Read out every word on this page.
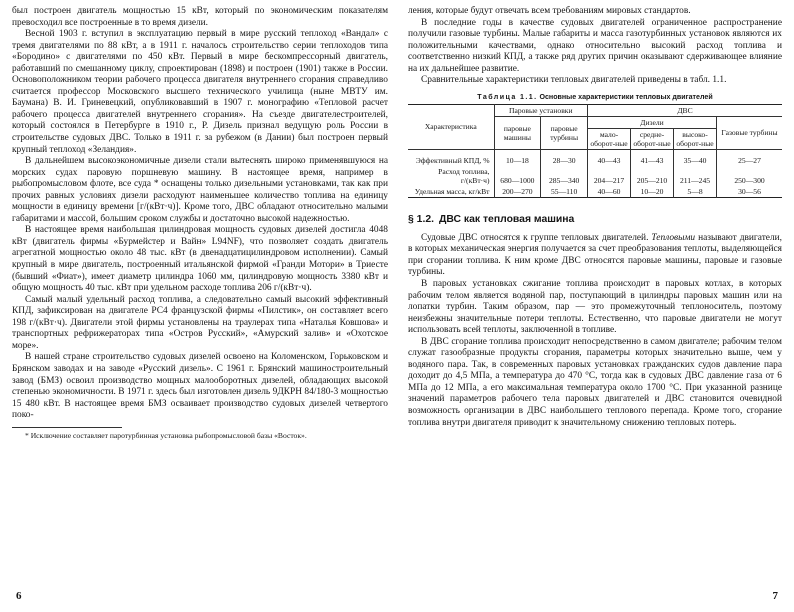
был построен двигатель мощностью 15 кВт, который по экономическим показателям превосходил все построенные в то время дизели.

Весной 1903 г. вступил в эксплуатацию первый в мире русский теплоход «Вандал» с тремя двигателями по 88 кВт, а в 1911 г. началось строительство серии теплоходов типа «Бородино» с двигателями по 450 кВт. Первый в мире бескомпрессорный двигатель, работавший по смешанному циклу, спроектирован (1898) и построен (1901) также в России. Основоположником теории рабочего процесса двигателя внутреннего сгорания справедливо считается профессор Московского высшего технического училища (ныне МВТУ им. Баумана) В. И. Гриневецкий, опубликовавший в 1907 г. монографию «Тепловой расчет рабочего процесса двигателей внутреннего сгорания». На съезде двигателестроителей, который состоялся в Петербурге в 1910 г., Р. Дизель признал ведущую роль России в строительстве судовых ДВС. Только в 1911 г. за рубежом (в Дании) был построен первый крупный теплоход «Зеландия».

В дальнейшем высокоэкономичные дизели стали вытеснять широко применявшуюся на морских судах паровую поршневую машину. В настоящее время, например в рыбопромысловом флоте, все суда * оснащены только дизельными установками, так как при прочих равных условиях дизели расходуют наименьшее количество топлива на единицу мощности в единицу времени [г/(кВт·ч)]. Кроме того, ДВС обладают относительно малыми габаритами и массой, большим сроком службы и достаточно высокой надежностью.

В настоящее время наибольшая цилиндровая мощность судовых дизелей достигла 4048 кВт (двигатель фирмы «Бурмейстер и Вайн» L94NF), что позволяет создать двигатель агрегатной мощностью около 48 тыс. кВт (в двенадцатицилиндровом исполнении). Самый крупный в мире двигатель, построенный итальянской фирмой «Гранди Мотори» в Триесте (бывший «Фиат»), имеет диаметр цилиндра 1060 мм, цилиндровую мощность 3380 кВт и общую мощность 40 тыс. кВт при удельном расходе топлива 206 г/(кВт·ч).

Самый малый удельный расход топлива, а следовательно самый высокий эффективный КПД, зафиксирован на двигателе РС4 французской фирмы «Пилстик», он составляет всего 198 г/(кВт·ч). Двигатели этой фирмы установлены на траулерах типа «Наталья Ковшова» и транспортных рефрижераторах типа «Остров Русский», «Амурский залив» и «Охотское море».

В нашей стране строительство судовых дизелей освоено на Коломенском, Горьковском и Брянском заводах и на заводе «Русский дизель». С 1961 г. Брянский машиностроительный завод (БМЗ) освоил производство мощных малооборотных дизелей, обладающих высокой степенью экономичности. В 1971 г. здесь был изготовлен дизель 9ДКРН 84/180-3 мощностью 15 480 кВт. В настоящее время БМЗ осваивает производство судовых дизелей четвертого поко-

* Исключение составляет паротурбинная установка рыбопромысловой базы «Восток».
6

ления, которые будут отвечать всем требованиям мировых стандартов.

В последние годы в качестве судовых двигателей ограниченное распространение получили газовые турбины. Малые габариты и масса газотурбинных установок являются их положительными качествами, однако относительно высокий расход топлива и соответственно низкий КПД, а также ряд других причин оказывают сдерживающее влияние на их дальнейшее развитие.

Сравнительные характеристики тепловых двигателей приведены в табл. 1.1.

Таблица 1.1. Основные характеристики тепловых двигателей
Характеристика	Паровые установки		ДВС			
	паровые машины	паровые турбины	Дизели			Газовые турбины
			мало-оборот-ные	средне-оборот-ные	высоко-оборот-ные	
Эффективный КПД, %	10—18	28—30	40—43	41—43	35—40	25—27
Расход топлива, г/(кВт·ч)	680—1000	285—340	204—217	205—210	211—245	250—300
Удельная масса, кг/кВт	200—270	55—110	40—60	10—20	5—8	30—56
§ 1.2. ДВС как тепловая машина

Судовые ДВС относятся к группе тепловых двигателей. Тепловыми называют двигатели, в которых механическая энергия получается за счет преобразования теплоты, выделяющейся при сгорании топлива. К ним кроме ДВС относятся паровые машины, паровые и газовые турбины.

В паровых установках сжигание топлива происходит в паровых котлах, в которых рабочим телом является водяной пар, поступающий в цилиндры паровых машин или на лопатки турбин. Таким образом, пар — это промежуточный теплоноситель, поэтому неизбежны значительные потери теплоты. Естественно, что паровые двигатели не могут использовать всей теплоты, заключенной в топливе.

В ДВС сгорание топлива происходит непосредственно в самом двигателе; рабочим телом служат газообразные продукты сгорания, параметры которых значительно выше, чем у водяного пара. Так, в современных паровых установках гражданских судов давление пара доходит до 4,5 МПа, а температура до 470 °C, тогда как в судовых ДВС давление газа от 6 МПа до 12 МПа, а его максимальная температура около 1700 °C. При указанной разнице значений параметров рабочего тела паровых двигателей и ДВС становится очевидной возможность организации в ДВС наибольшего теплового перепада. Кроме того, сгорание топлива внутри двигателя приводит к значительному снижению тепловых потерь.

7
